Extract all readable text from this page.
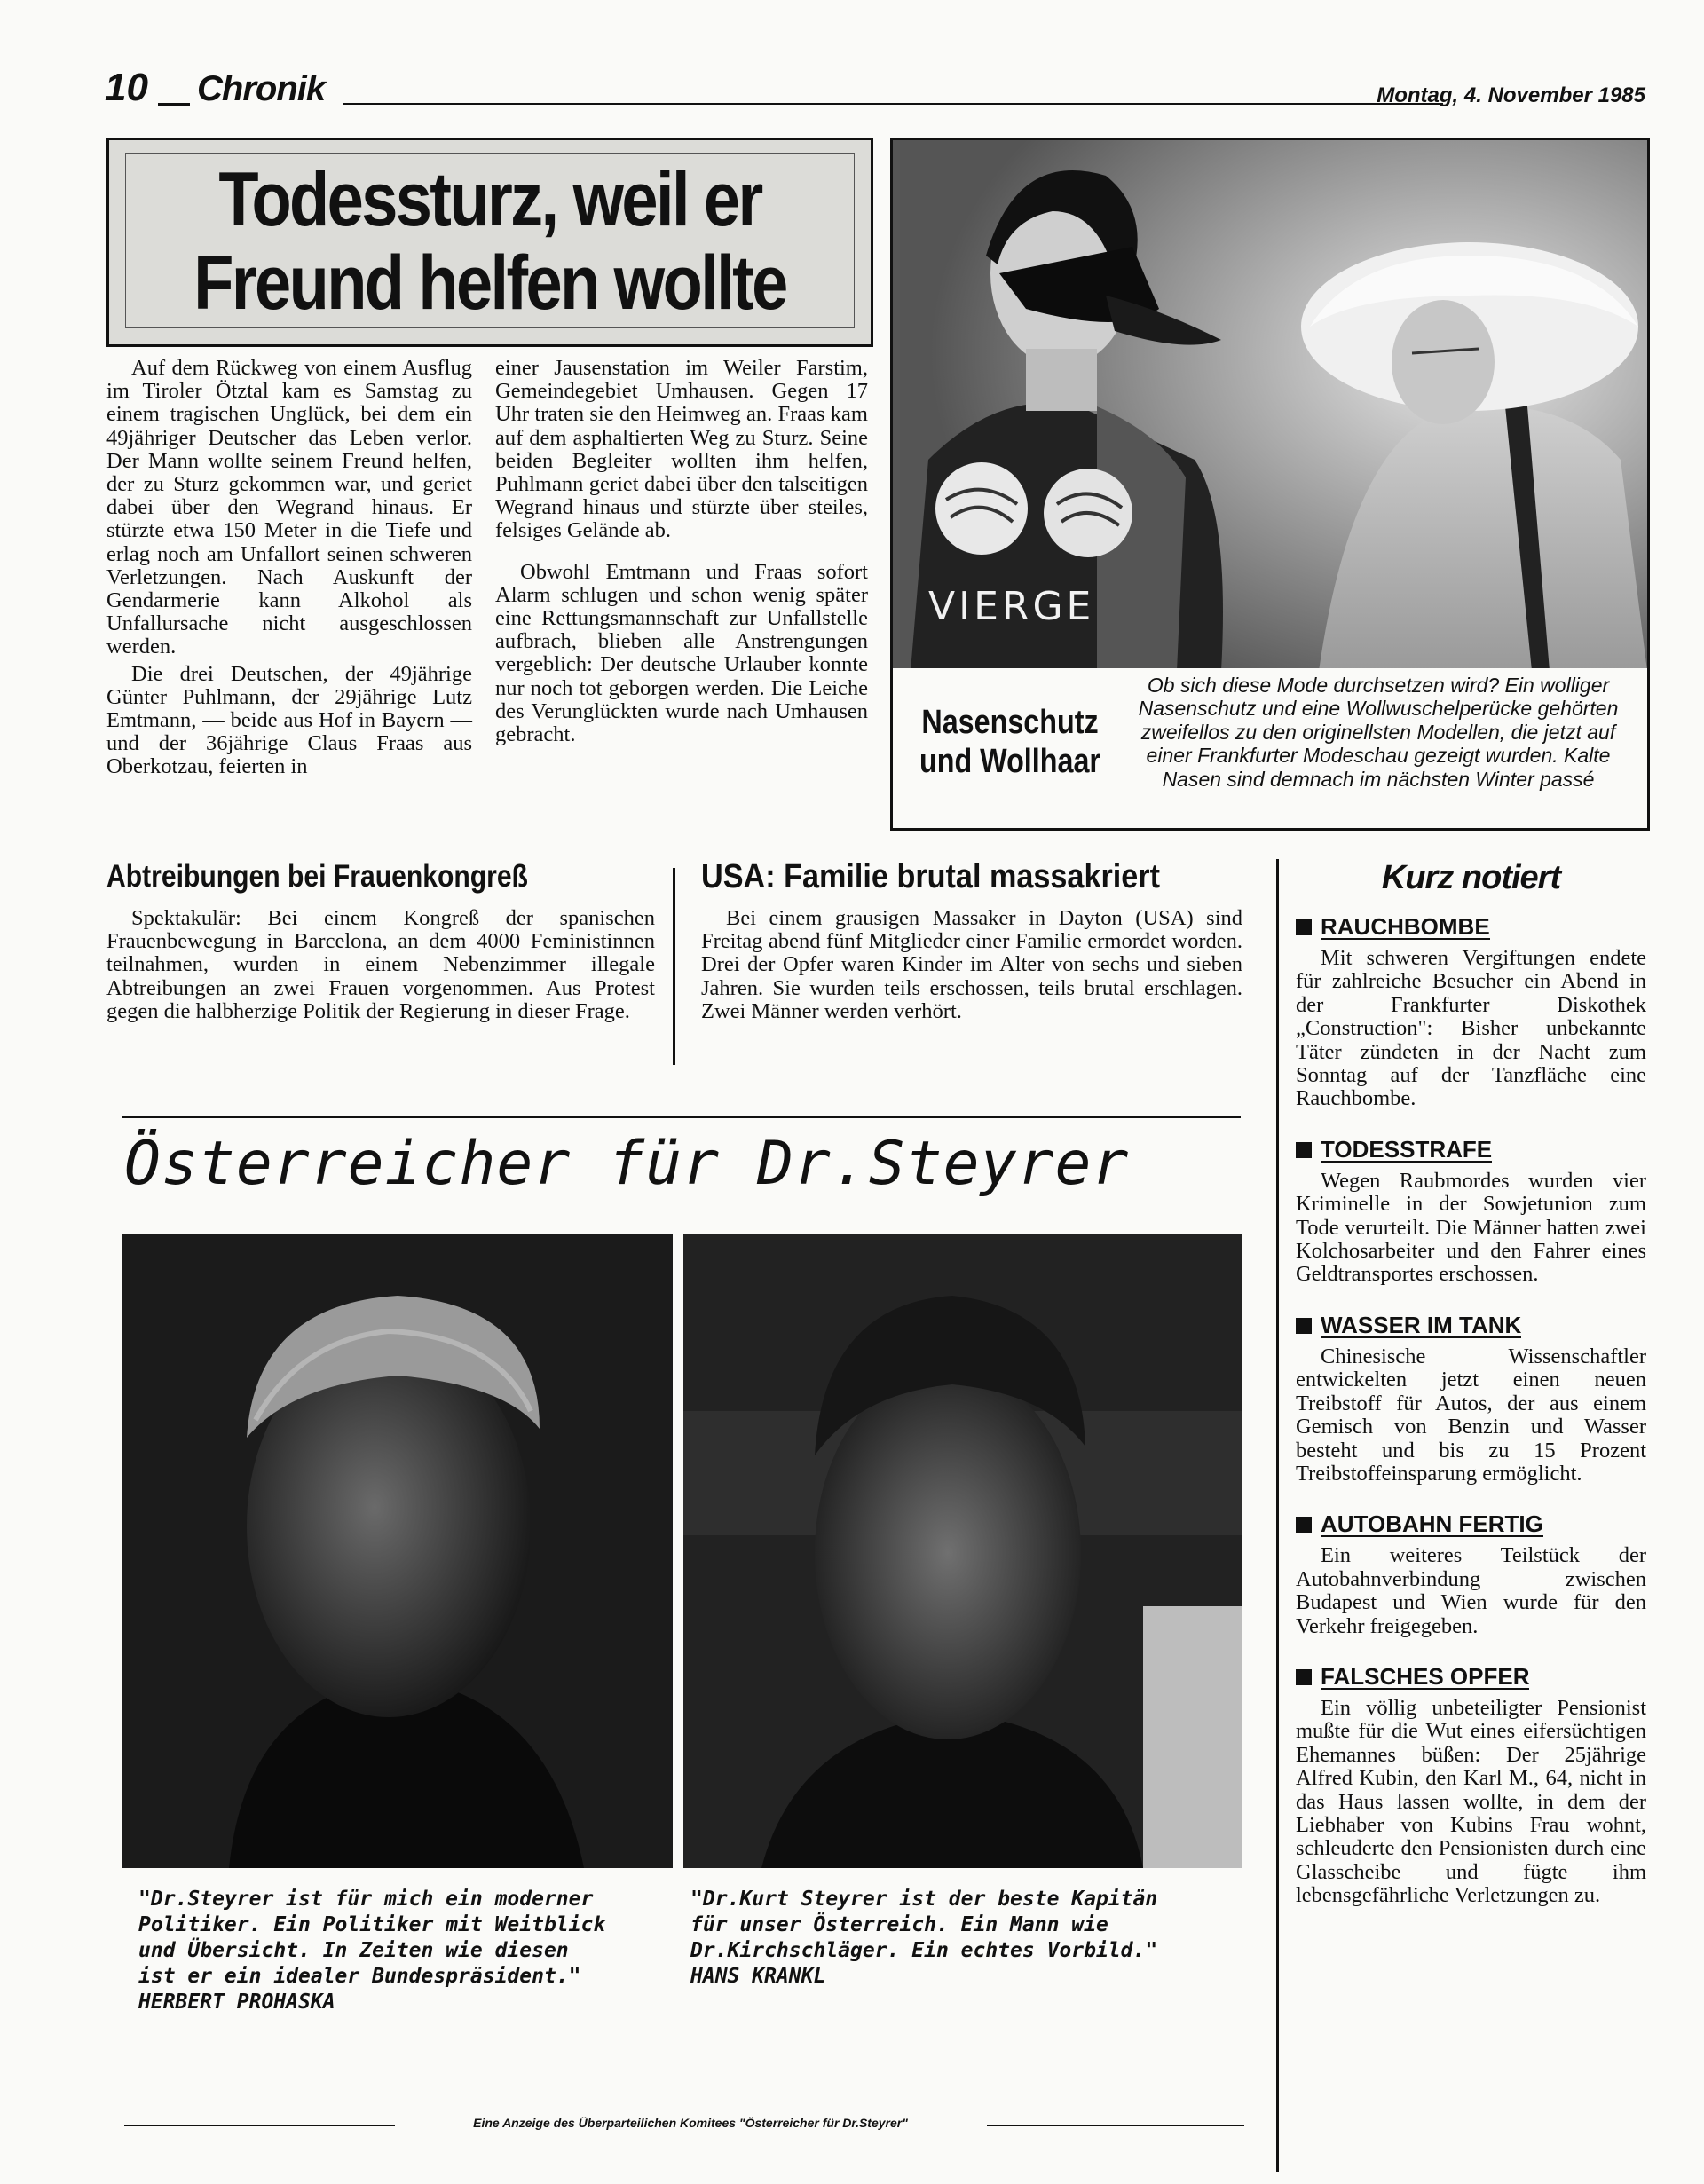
10 Chronik	Montag, 4. November 1985
Todessturz, weil er
Freund helfen wollte

Auf dem Rückweg von einem Ausflug im Tiroler Ötztal kam es Samstag zu einem tragischen Unglück, bei dem ein 49jähriger Deutscher das Leben verlor. Der Mann wollte seinem Freund helfen, der zu Sturz gekommen war, und geriet dabei über den Wegrand hinaus. Er stürzte etwa 150 Meter in die Tiefe und erlag noch am Unfallort seinen schweren Verletzungen. Nach Auskunft der Gendarmerie kann Alkohol als Unfallursache nicht ausgeschlossen werden.

Die drei Deutschen, der 49jährige Günter Puhlmann, der 29jährige Lutz Emtmann, — beide aus Hof in Bayern — und der 36jährige Claus Fraas aus Oberkotzau, feierten in

einer Jausenstation im Weiler Farstim, Gemeindegebiet Umhausen. Gegen 17 Uhr traten sie den Heimweg an. Fraas kam auf dem asphaltierten Weg zu Sturz. Seine beiden Begleiter wollten ihm helfen, Puhlmann geriet dabei über den talseitigen Wegrand hinaus und stürzte über steiles, felsiges Gelände ab.

Obwohl Emtmann und Fraas sofort Alarm schlugen und schon wenig später eine Rettungsmannschaft zur Unfallstelle aufbrach, blieben alle Anstrengungen vergeblich: Der deutsche Urlauber konnte nur noch tot geborgen werden. Die Leiche des Verunglückten wurde nach Umhausen gebracht.

VIERGE
Nasenschutz
und Wollhaar
Ob sich diese Mode durchsetzen wird? Ein wolliger Nasenschutz und eine Wollwuschelperücke gehörten zweifellos zu den originellsten Modellen, die jetzt auf einer Frankfurter Modeschau gezeigt wurden. Kalte Nasen sind demnach im nächsten Winter passé
Abtreibungen bei Frauenkongreß
Spektakulär: Bei einem Kongreß der spanischen Frauenbewegung in Barcelona, an dem 4000 Feministinnen teilnahmen, wurden in einem Nebenzimmer illegale Abtreibungen an zwei Frauen vorgenommen. Aus Protest gegen die halbherzige Politik der Regierung in dieser Frage.
USA: Familie brutal massakriert
Bei einem grausigen Massaker in Dayton (USA) sind Freitag abend fünf Mitglieder einer Familie ermordet worden. Drei der Opfer waren Kinder im Alter von sechs und sieben Jahren. Sie wurden teils erschossen, teils brutal erschlagen. Zwei Männer werden verhört.
Kurz notiert
RAUCHBOMBE
Mit schweren Vergiftungen endete für zahlreiche Besucher ein Abend in der Frankfurter Diskothek „Construction": Bisher unbekannte Täter zündeten in der Nacht zum Sonntag auf der Tanzfläche eine Rauchbombe.
TODESSTRAFE
Wegen Raubmordes wurden vier Kriminelle in der Sowjetunion zum Tode verurteilt. Die Männer hatten zwei Kolchosarbeiter und den Fahrer eines Geldtransportes erschossen.
WASSER IM TANK
Chinesische Wissenschaftler entwickelten jetzt einen neuen Treibstoff für Autos, der aus einem Gemisch von Benzin und Wasser besteht und bis zu 15 Prozent Treibstoffeinsparung ermöglicht.
AUTOBAHN FERTIG
Ein weiteres Teilstück der Autobahnverbindung zwischen Budapest und Wien wurde für den Verkehr freigegeben.
FALSCHES OPFER
Ein völlig unbeteiligter Pensionist mußte für die Wut eines eifersüchtigen Ehemannes büßen: Der 25jährige Alfred Kubin, den Karl M., 64, nicht in das Haus lassen wollte, in dem der Liebhaber von Kubins Frau wohnt, schleuderte den Pensionisten durch eine Glasscheibe und fügte ihm lebensgefährliche Verletzungen zu.
Österreicher für Dr.Steyrer
"Dr.Steyrer ist für mich ein moderner
Politiker. Ein Politiker mit Weitblick
und Übersicht. In Zeiten wie diesen
ist er ein idealer Bundespräsident."
HERBERT PROHASKA
"Dr.Kurt Steyrer ist der beste Kapitän
für unser Österreich. Ein Mann wie
Dr.Kirchschläger. Ein echtes Vorbild."
HANS KRANKL
Eine Anzeige des Überparteilichen Komitees "Österreicher für Dr.Steyrer"
